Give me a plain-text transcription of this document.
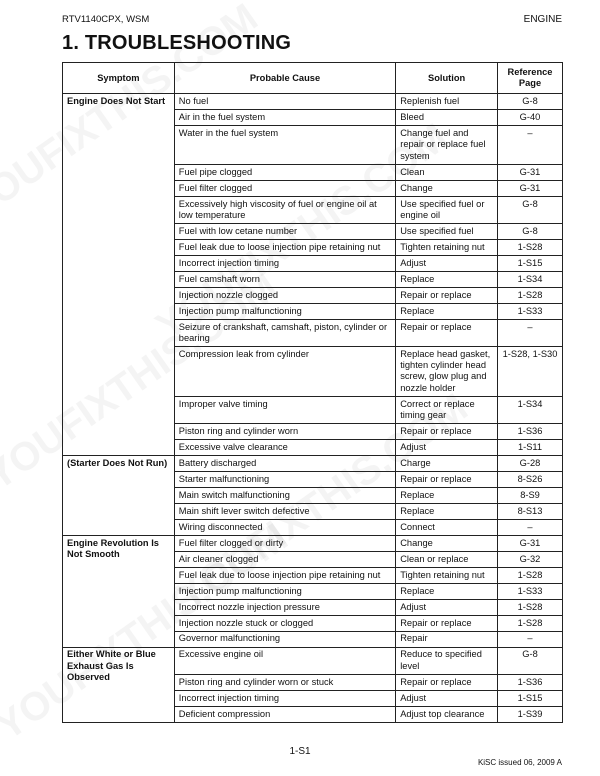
RTV1140CPX, WSM	ENGINE
1. TROUBLESHOOTING
Symptom	Probable Cause	Solution	Reference Page
Engine Does Not Start	No fuel	Replenish fuel	G-8
	Air in the fuel system	Bleed	G-40
	Water in the fuel system	Change fuel and repair or replace fuel system	–
	Fuel pipe clogged	Clean	G-31
	Fuel filter clogged	Change	G-31
	Excessively high viscosity of fuel or engine oil at low temperature	Use specified fuel or engine oil	G-8
	Fuel with low cetane number	Use specified fuel	G-8
	Fuel leak due to loose injection pipe retaining nut	Tighten retaining nut	1-S28
	Incorrect injection timing	Adjust	1-S15
	Fuel camshaft worn	Replace	1-S34
	Injection nozzle clogged	Repair or replace	1-S28
	Injection pump malfunctioning	Replace	1-S33
	Seizure of crankshaft, camshaft, piston, cylinder or bearing	Repair or replace	–
	Compression leak from cylinder	Replace head gasket, tighten cylinder head screw, glow plug and nozzle holder	1-S28, 1-S30
	Improper valve timing	Correct or replace timing gear	1-S34
	Piston ring and cylinder worn	Repair or replace	1-S36
	Excessive valve clearance	Adjust	1-S11
(Starter Does Not Run)	Battery discharged	Charge	G-28
	Starter malfunctioning	Repair or replace	8-S26
	Main switch malfunctioning	Replace	8-S9
	Main shift lever switch defective	Replace	8-S13
	Wiring disconnected	Connect	–
Engine Revolution Is Not Smooth	Fuel filter clogged or dirty	Change	G-31
	Air cleaner clogged	Clean or replace	G-32
	Fuel leak due to loose injection pipe retaining nut	Tighten retaining nut	1-S28
	Injection pump malfunctioning	Replace	1-S33
	Incorrect nozzle injection pressure	Adjust	1-S28
	Injection nozzle stuck or clogged	Repair or replace	1-S28
	Governor malfunctioning	Repair	–
Either White or Blue Exhaust Gas Is Observed	Excessive engine oil	Reduce to specified level	G-8
	Piston ring and cylinder worn or stuck	Repair or replace	1-S36
	Incorrect injection timing	Adjust	1-S15
	Deficient compression	Adjust top clearance	1-S39
1-S1
KiSC issued 06, 2009 A
